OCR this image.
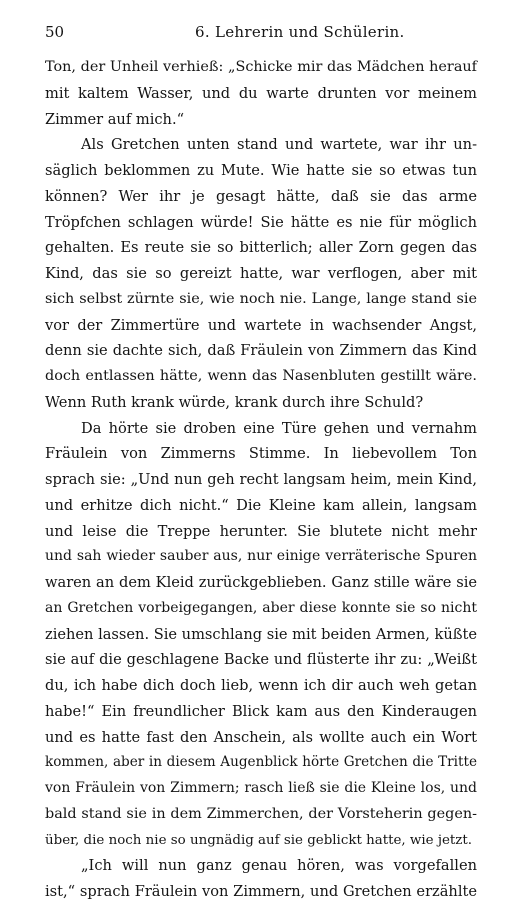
50	6. Lehrerin und Schülerin.
Ton, der Unheil verhieß: „Schicke mir das Mädchen herauf
mit kaltem Wasser, und du warte drunten vor meinem
Zimmer auf mich.“
Als Gretchen unten stand und wartete, war ihr un-
säglich beklommen zu Mute. Wie hatte sie so etwas tun
können? Wer ihr je gesagt hätte, daß sie das arme
Tröpfchen schlagen würde! Sie hätte es nie für möglich
gehalten. Es reute sie so bitterlich; aller Zorn gegen das
Kind, das sie so gereizt hatte, war verflogen, aber mit
sich selbst zürnte sie, wie noch nie. Lange, lange stand sie
vor der Zimmertüre und wartete in wachsender Angst,
denn sie dachte sich, daß Fräulein von Zimmern das Kind
doch entlassen hätte, wenn das Nasenbluten gestillt wäre.
Wenn Ruth krank würde, krank durch ihre Schuld?
Da hörte sie droben eine Türe gehen und vernahm
Fräulein von Zimmerns Stimme. In liebevollem Ton
sprach sie: „Und nun geh recht langsam heim, mein Kind,
und erhitze dich nicht.“ Die Kleine kam allein, langsam
und leise die Treppe herunter. Sie blutete nicht mehr
und sah wieder sauber aus, nur einige verräterische Spuren
waren an dem Kleid zurückgeblieben. Ganz stille wäre sie
an Gretchen vorbeigegangen, aber diese konnte sie so nicht
ziehen lassen. Sie umschlang sie mit beiden Armen, küßte
sie auf die geschlagene Backe und flüsterte ihr zu: „Weißt
du, ich habe dich doch lieb, wenn ich dir auch weh getan
habe!“ Ein freundlicher Blick kam aus den Kinderaugen
und es hatte fast den Anschein, als wollte auch ein Wort
kommen, aber in diesem Augenblick hörte Gretchen die Tritte
von Fräulein von Zimmern; rasch ließ sie die Kleine los, und
bald stand sie in dem Zimmerchen, der Vorsteherin gegen-
über, die noch nie so ungnädig auf sie geblickt hatte, wie jetzt.
„Ich will nun ganz genau hören, was vorgefallen
ist,“ sprach Fräulein von Zimmern, und Gretchen erzählte
